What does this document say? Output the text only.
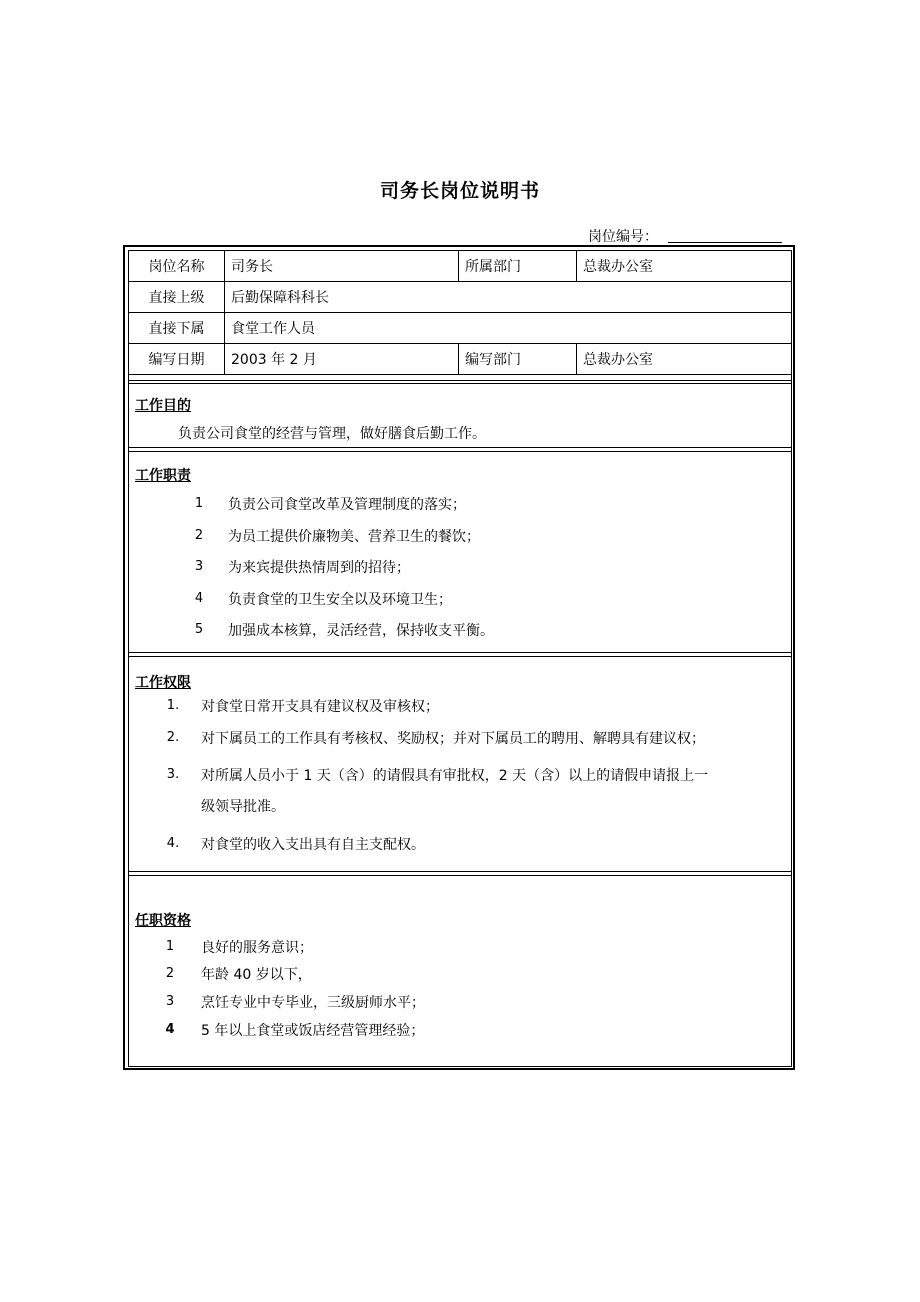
司务长岗位说明书
岗位编号：
岗位名称	司务长	所属部门	总裁办公室
直接上级	后勤保障科科长		
直接下属	食堂工作人员		
编写日期	2003 年 2 月	编写部门	总裁办公室
工作目的
负责公司食堂的经营与管理，做好膳食后勤工作。
工作职责
1	负责公司食堂改革及管理制度的落实；
2	为员工提供价廉物美、营养卫生的餐饮；
3	为来宾提供热情周到的招待；
4	负责食堂的卫生安全以及环境卫生；
5	加强成本核算，灵活经营，保持收支平衡。
工作权限
1. 对食堂日常开支具有建议权及审核权；
2. 对下属员工的工作具有考核权、奖励权；并对下属员工的聘用、解聘具有建议权；
3. 对所属人员小于 1 天（含）的请假具有审批权，2 天（含）以上的请假申请报上一
级领导批准。
4. 对食堂的收入支出具有自主支配权。
任职资格
1	良好的服务意识；
2	年龄 40 岁以下，
3	烹饪专业中专毕业，三级厨师水平；
4	5 年以上食堂或饭店经营管理经验；
